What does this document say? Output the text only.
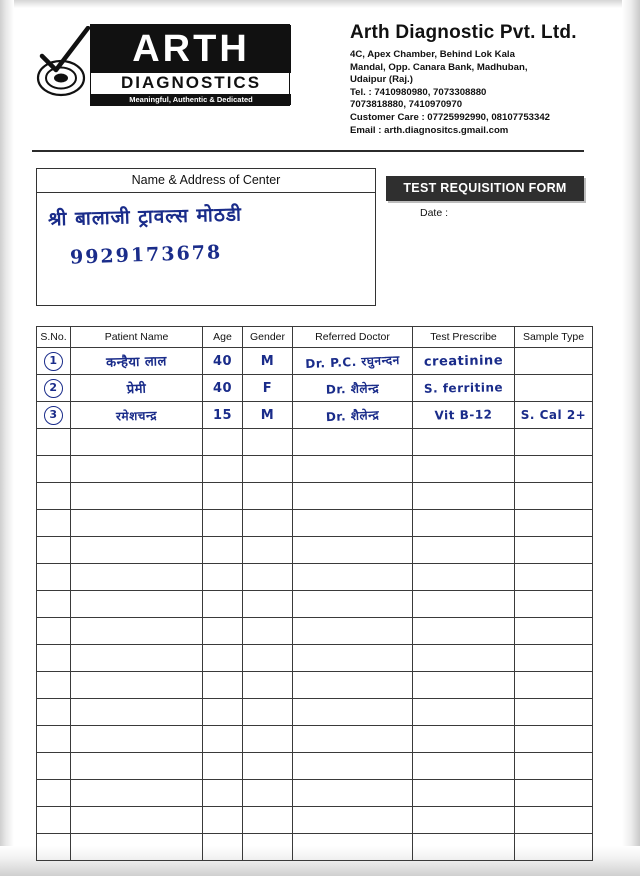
ARTH
DIAGNOSTICS
Meaningful, Authentic & Dedicated
Arth Diagnostic Pvt. Ltd.
4C, Apex Chamber, Behind Lok Kala
Mandal, Opp. Canara Bank, Madhuban,
Udaipur (Raj.)
Tel. : 7410980980, 7073308880
7073818880, 7410970970
Customer Care : 07725992990, 08107753342
Email : arth.diagnositcs.gmail.com
Name & Address of Center
श्री बालाजी ट्रावल्स मोठडी
9929173678
TEST REQUISITION FORM
Date :
S.No.	Patient Name	Age	Gender	Referred Doctor	Test Prescribe	Sample Type

1	कन्हैया लाल	40	M	Dr. P.C. रघुनन्दन	creatinine	

2	प्रेमी	40	F	Dr. शैलेन्द्र	S. ferritine	

3	रमेशचन्द्र	15	M	Dr. शैलेन्द्र	Vit B-12	S. Cal 2+
